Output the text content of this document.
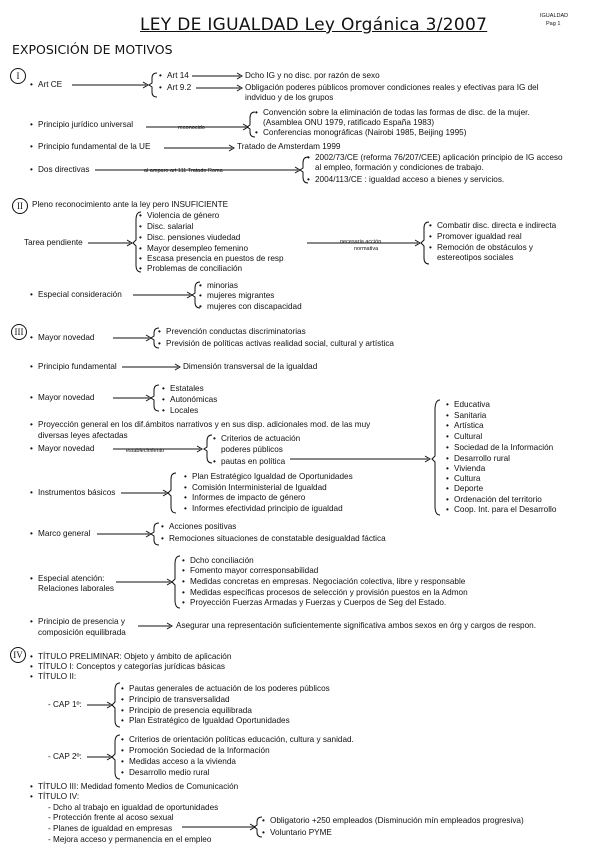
LEY DE IGUALDAD Ley Orgánica 3/2007	IGUALDAD
Pag 1
EXPOSICIÓN DE MOTIVOS
I
• Art CE
• Art 14
• Art 9.2
Dcho IG y no disc. por razón de sexo
Obligación poderes públicos promover condiciones reales y efectivas para IG del
indviduo y de los grupos
• Principio jurídico universal	reconocido
• Convención sobre la eliminación de todas las formas de disc. de la mujer.
(Asamblea ONU 1979, ratificado España 1983)
• Conferencias monográficas (Nairobi 1985, Beijing 1995)
• Principio fundamental de la UE	Tratado de Amsterdam 1999
• Dos directivas	al amparo art 111 Tratado Roma
• 2002/73/CE (reforma 76/207/CEE) aplicación principio de IG acceso
al empleo, formación y condiciones de trabajo.
• 2004/113/CE : igualdad acceso a bienes y servicios.
II	Pleno reconocimiento ante la ley pero INSUFICIENTE
Tarea pendiente
• Violencia de género
• Disc. salarial
• Disc. pensiones viudedad
• Mayor desempleo femenino
• Escasa presencia en puestos de resp
• Problemas de conciliación
necesaria acción
normativa
• Combatir disc. directa e indirecta
• Promover igualdad real
• Remoción de obstáculos y
estereotipos sociales
• Especial consideración
• minorias
• mujeres migrantes
• mujeres con discapacidad
III
• Mayor novedad
• Prevención conductas discriminatorias
• Previsión de políticas activas realidad social, cultural y artística
• Principio fundamental	Dimensión transversal de la igualdad
• Mayor novedad
• Estatales
• Autonómicas
• Locales
• Proyección general en los dif.ámbitos narrativos y en sus disp. adicionales mod. de las muy
diversas leyes afectadas
• Mayor novedad	establecimiento
• Criterios de actuación
poderes públicos
• pautas en política
• Educativa
• Sanitaria
• Artística
• Cultural
• Sociedad de la Información
• Desarrollo rural
• Vivienda
• Cultura
• Deporte
• Ordenación del territorio
• Coop. Int. para el Desarrollo
• Instrumentos básicos
• Plan Estratégico Igualdad de Oportunidades
• Comisión Interministerial de Igualdad
• Informes de impacto de género
• Informes efectividad principio de igualdad
• Marco general
• Acciones positivas
• Remociones situaciones de constatable desigualdad fáctica
• Especial atención:
Relaciones laborales
• Dcho conciliación
• Fomento mayor corresponsabilidad
• Medidas concretas en empresas. Negociación colectiva, libre y responsable
• Medidas específicas procesos de selección y provisión puestos en la Admon
• Proyección Fuerzas Armadas y Fuerzas y Cuerpos de Seg del Estado.
• Principio de presencia y
composición equilibrada
Asegurar una representación suficientemente significativa ambos sexos en órg y cargos de respon.
IV	• TÍTULO PRELIMINAR: Objeto y ámbito de aplicación
• TÍTULO I: Conceptos y categorías jurídicas básicas
• TÍTULO II:
- CAP 1º:
• Pautas generales de actuación de los poderes públicos
• Principio de transversalidad
• Principio de presencia equilibrada
• Plan Estratégico de Igualdad Oportunidades
- CAP 2º:
• Criterios de orientación políticas educación, cultura y sanidad.
• Promoción Sociedad de la Información
• Medidas acceso a la vivienda
• Desarrollo medio rural
• TÍTULO III: Medidad fomento Medios de Comunicación
• TÍTULO IV:
- Dcho al trabajo en igualdad de oportunidades
- Protección frente al acoso sexual
- Planes de igualdad en empresas
- Mejora acceso y permanencia en el empleo
• Obligatorio +250 empleados (Disminución mín empleados progresiva)
• Voluntario PYME
